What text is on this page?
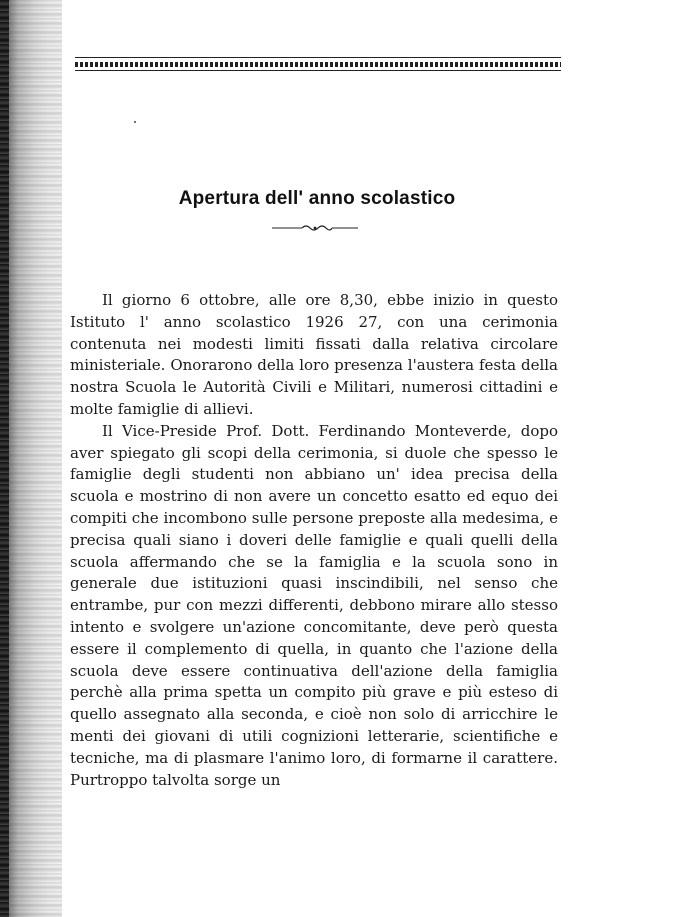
Apertura dell' anno scolastico

Il giorno 6 ottobre, alle ore 8,30, ebbe inizio in questo Istituto l' anno scolastico 1926 27, con una cerimonia contenuta nei modesti limiti fissati dalla relativa circolare ministeriale. Onorarono della loro presenza l'austera festa della nostra Scuola le Autorità Civili e Militari, numerosi cittadini e molte famiglie di allievi.

Il Vice-Preside Prof. Dott. Ferdinando Monteverde, dopo aver spiegato gli scopi della cerimonia, si duole che spesso le famiglie degli studenti non abbiano un' idea precisa della scuola e mostrino di non avere un concetto esatto ed equo dei compiti che incombono sulle persone preposte alla medesima, e precisa quali siano i doveri delle famiglie e quali quelli della scuola affermando che se la famiglia e la scuola sono in generale due istituzioni quasi inscindibili, nel senso che entrambe, pur con mezzi differenti, debbono mirare allo stesso intento e svolgere un'azione concomitante, deve però questa essere il complemento di quella, in quanto che l'azione della scuola deve essere continuativa dell'azione della famiglia perchè alla prima spetta un compito più grave e più esteso di quello assegnato alla seconda, e cioè non solo di arricchire le menti dei giovani di utili cognizioni letterarie, scientifiche e tecniche, ma di plasmare l'animo loro, di formarne il carattere. Purtroppo talvolta sorge un
